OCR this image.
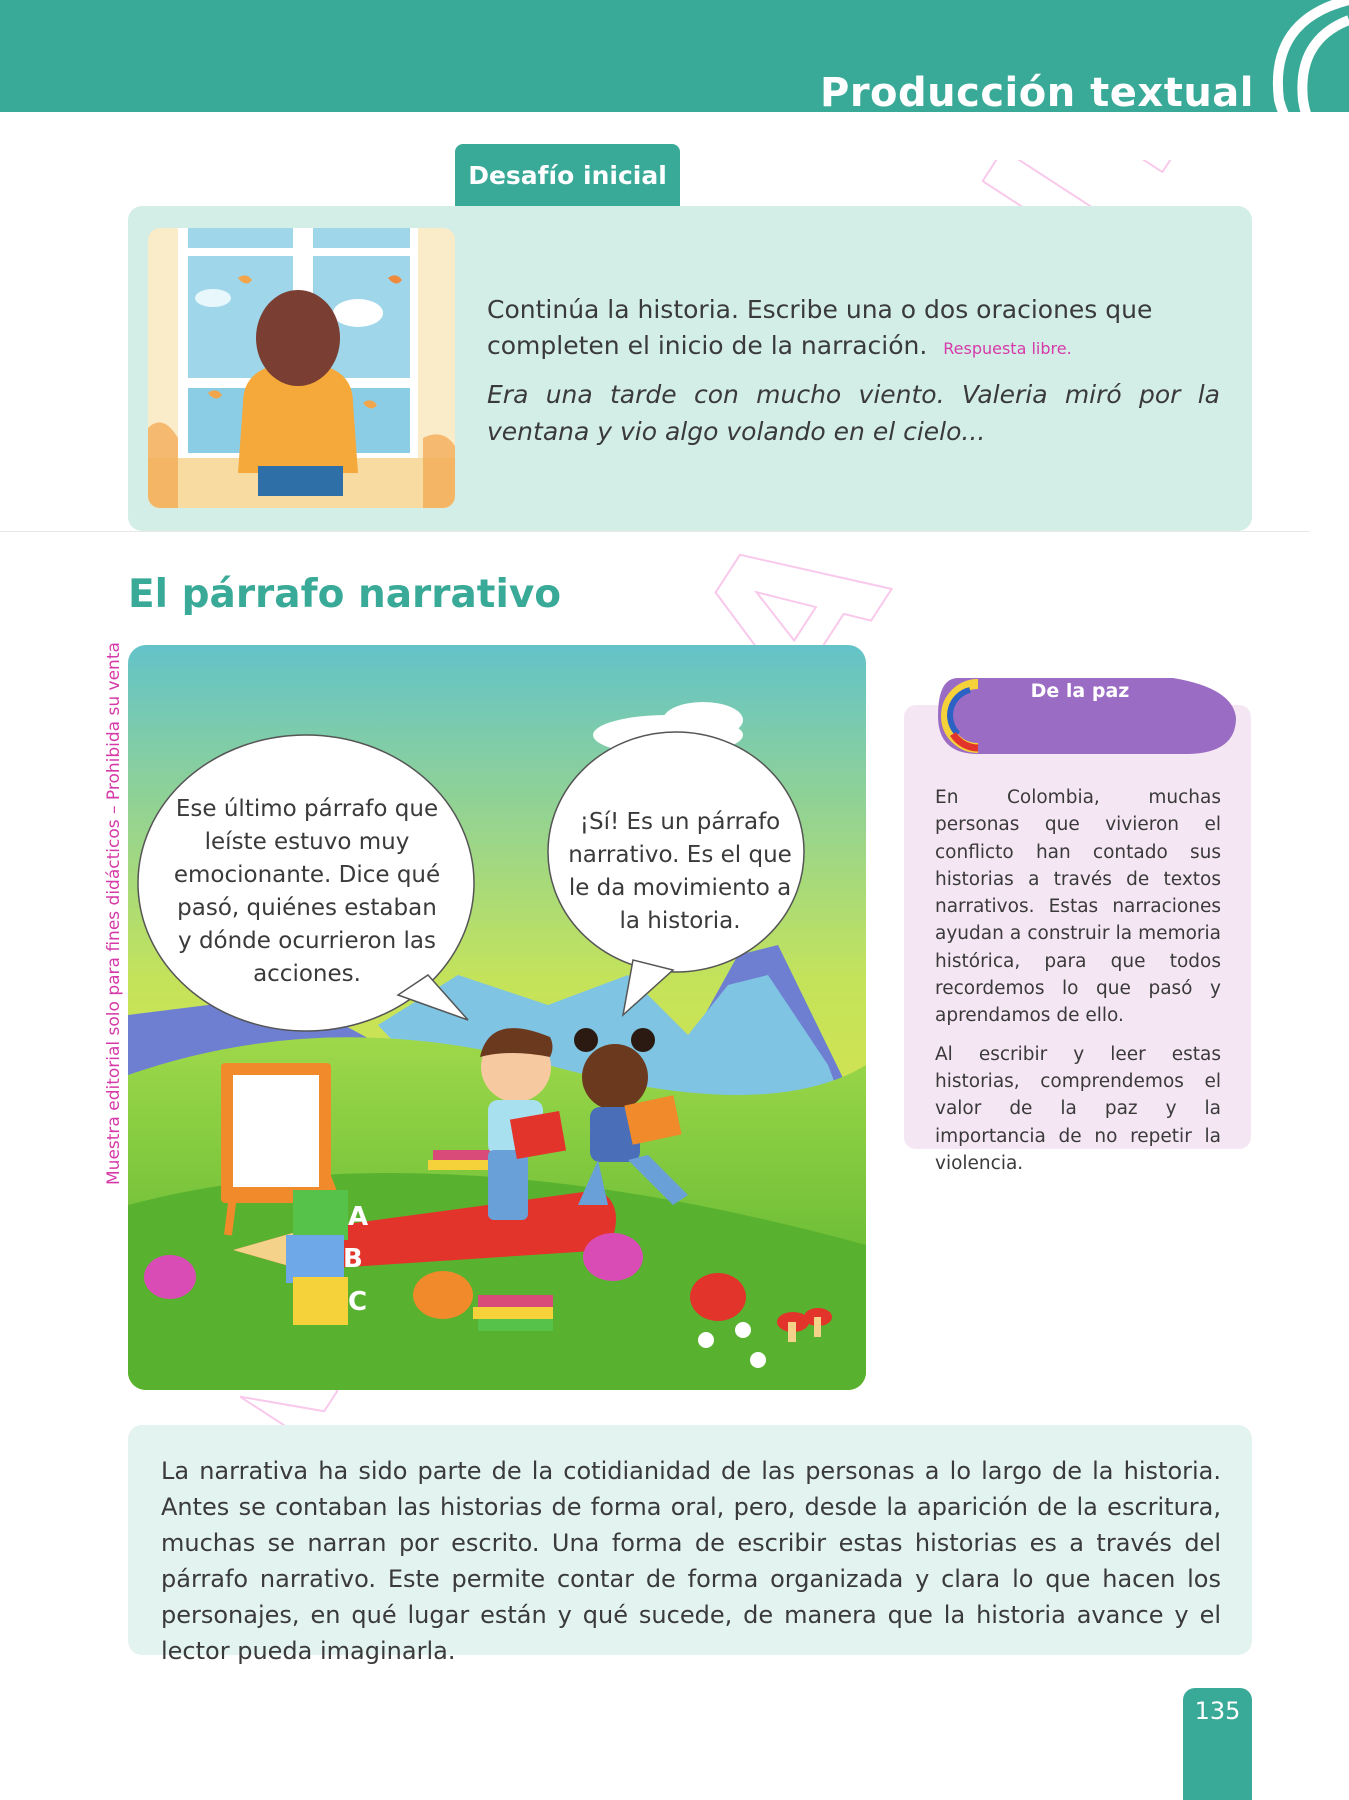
Producción textual
Muestra editorial solo para fines didácticos – Prohibida su venta
Desafío inicial
Continúa la historia. Escribe una o dos oraciones que completen el inicio de la narración. Respuesta libre.
Era una tarde con mucho viento. Valeria miró por la ventana y vio algo volando en el cielo...
El párrafo narrativo
A
B
C
Ese último párrafo que leíste estuvo muy emocionante. Dice qué pasó, quiénes estaban y dónde ocurrieron las acciones.
¡Sí! Es un párrafo narrativo. Es el que le da movimiento a la historia.
De la paz

En Colombia, muchas personas que vivieron el conflicto han contado sus historias a través de textos narrativos. Estas narraciones ayudan a construir la memoria histórica, para que todos recordemos lo que pasó y aprendamos de ello.

Al escribir y leer estas historias, comprendemos el valor de la paz y la importancia de no repetir la violencia.

La narrativa ha sido parte de la cotidianidad de las personas a lo largo de la historia. Antes se contaban las historias de forma oral, pero, desde la aparición de la escritura, muchas se narran por escrito. Una forma de escribir estas historias es a través del párrafo narrativo. Este permite contar de forma organizada y clara lo que hacen los personajes, en qué lugar están y qué sucede, de manera que la historia avance y el lector pueda imaginarla.
135
